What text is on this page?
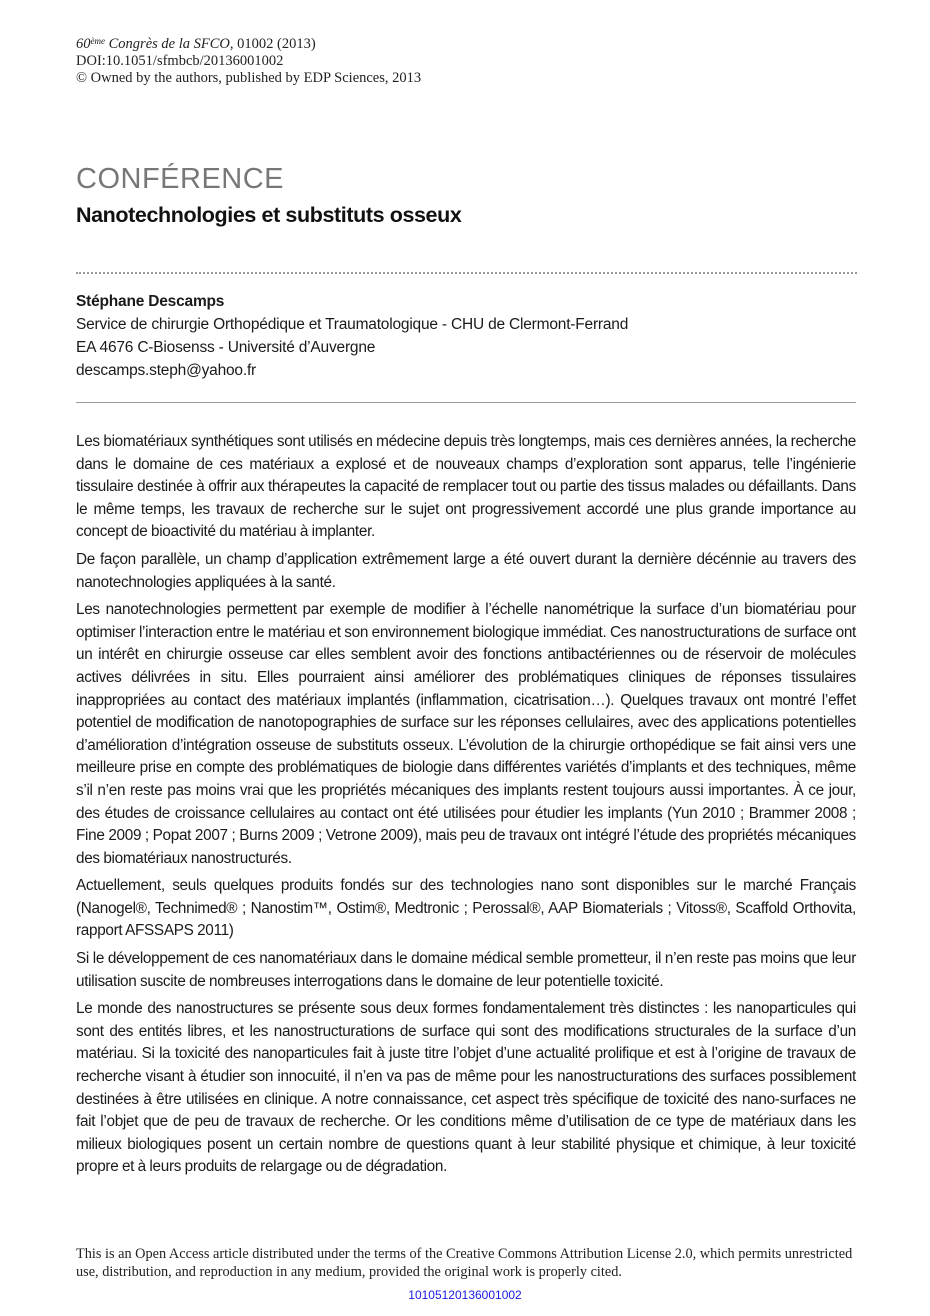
60ème Congrès de la SFCO, 01002 (2013)
DOI:10.1051/sfmbcb/20136001002
© Owned by the authors, published by EDP Sciences, 2013
CONFÉRENCE
Nanotechnologies et substituts osseux
Stéphane Descamps
Service de chirurgie Orthopédique et Traumatologique - CHU de Clermont-Ferrand
EA 4676 C-Biosenss - Université d’Auvergne
descamps.steph@yahoo.fr

Les biomatériaux synthétiques sont utilisés en médecine depuis très longtemps, mais ces dernières années, la recherche dans le domaine de ces matériaux a explosé et de nouveaux champs d’exploration sont apparus, telle l’ingénierie tissulaire destinée à offrir aux thérapeutes la capacité de remplacer tout ou partie des tissus malades ou défaillants. Dans le même temps, les travaux de recherche sur le sujet ont progressivement accordé une plus grande importance au concept de bioactivité du matériau à implanter.

De façon parallèle, un champ d’application extrêmement large a été ouvert durant la dernière décénnie au travers des nanotechnologies appliquées à la santé.

Les nanotechnologies permettent par exemple de modifier à l’échelle nanométrique la surface d’un biomatériau pour optimiser l’interaction entre le matériau et son environnement biologique immédiat. Ces nanostructurations de surface ont un intérêt en chirurgie osseuse car elles semblent avoir des fonctions antibactériennes ou de réservoir de molécules actives délivrées in situ. Elles pourraient ainsi améliorer des problématiques cliniques de réponses tissulaires inappropriées au contact des matériaux implantés (inflammation, cicatrisation…). Quelques travaux ont montré l’effet potentiel de modification de nanotopographies de surface sur les réponses cellulaires, avec des applications potentielles d’amélioration d’intégration osseuse de substituts osseux. L’évolution de la chirurgie orthopédique se fait ainsi vers une meilleure prise en compte des problématiques de biologie dans différentes variétés d’implants et des techniques, même s’il n’en reste pas moins vrai que les propriétés mécaniques des implants restent toujours aussi importantes. À ce jour, des études de croissance cellulaires au contact ont été utilisées pour étudier les implants (Yun 2010 ; Brammer 2008 ; Fine 2009 ; Popat 2007 ; Burns 2009 ; Vetrone 2009), mais peu de travaux ont intégré l’étude des propriétés mécaniques des biomatériaux nanostructurés.

Actuellement, seuls quelques produits fondés sur des technologies nano sont disponibles sur le marché Français (Nanogel®, Technimed® ; Nanostim™, Ostim®, Medtronic ; Perossal®, AAP Biomaterials ; Vitoss®, Scaffold Orthovita, rapport AFSSAPS 2011)

Si le développement de ces nanomatériaux dans le domaine médical semble prometteur, il n’en reste pas moins que leur utilisation suscite de nombreuses interrogations dans le domaine de leur potentielle toxicité.

Le monde des nanostructures se présente sous deux formes fondamentalement très distinctes : les nanoparticules qui sont des entités libres, et les nanostructurations de surface qui sont des modifications structurales de la surface d’un matériau. Si la toxicité des nanoparticules fait à juste titre l’objet d’une actualité prolifique et est à l’origine de travaux de recherche visant à étudier son innocuité, il n’en va pas de même pour les nanostructurations des surfaces possiblement destinées à être utilisées en clinique. A notre connaissance, cet aspect très spécifique de toxicité des nano-surfaces ne fait l’objet que de peu de travaux de recherche. Or les conditions même d’utilisation de ce type de matériaux dans les milieux biologiques posent un certain nombre de questions quant à leur stabilité physique et chimique, à leur toxicité propre et à leurs produits de relargage ou de dégradation.

This is an Open Access article distributed under the terms of the Creative Commons Attribution License 2.0, which permits unrestricted use, distribution, and reproduction in any medium, provided the original work is properly cited.
10105120136001002
